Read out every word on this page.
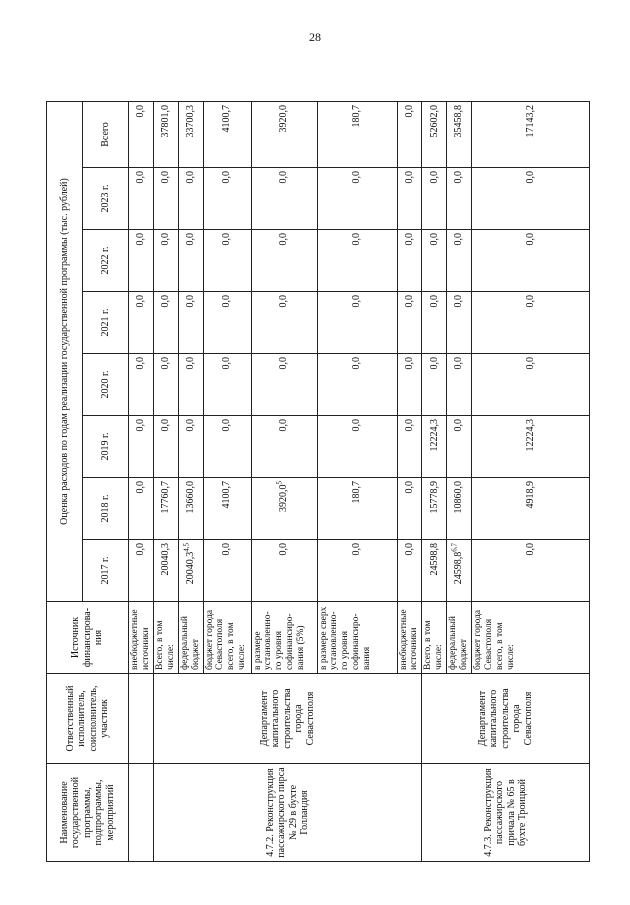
28
Наименование государственной программы, подпрограммы, мероприятий	Ответственный исполнитель, соисполнитель, участник	Источник финансирова-ния	Оценка расходов по годам реализации государственной программы (тыс. рублей)							
			2017 г.	2018 г.	2019 г.	2020 г.	2021 г.	2022 г.	2023 г.	Всего
		внебюджетные источники	0,0	0,0	0,0	0,0	0,0	0,0	0,0	0,0
4.7.2. Реконструкция пассажирского пирса № 29 в бухте Голландия	Департамент капитального строительства города Севастополя	Всего, в том числе:	20040,3	17760,7	0,0	0,0	0,0	0,0	0,0	37801,0
		федеральный бюджет	20040,3$^{4,5}$	13660,0	0,0	0,0	0,0	0,0	0,0	33700,3
		бюджет города Севастополя всего, в том числе:	0,0	4100,7	0,0	0,0	0,0	0,0	0,0	4100,7
		в размере установленно-го уровня софинансиро-вания (5%)	0,0	3920,0$^5$	0,0	0,0	0,0	0,0	0,0	3920,0
		в размере сверх установленно-го уровня софинансиро-вания	0,0	180,7	0,0	0,0	0,0	0,0	0,0	180,7
		внебюджетные источники	0,0	0,0	0,0	0,0	0,0	0,0	0,0	0,0
4.7.3. Реконструкция пассажирского причала № 65 в бухте Троицкой	Департамент капитального строительства города Севастополя	Всего, в том числе:	24598,8	15778,9	12224,3	0,0	0,0	0,0	0,0	52602,0
		федеральный бюджет	24598,8$^{6,7}$	10860,0	0,0	0,0	0,0	0,0	0,0	35458,8
		бюджет города Севастополя всего, в том числе:	0,0	4918,9	12224,3	0,0	0,0	0,0	0,0	17143,2
